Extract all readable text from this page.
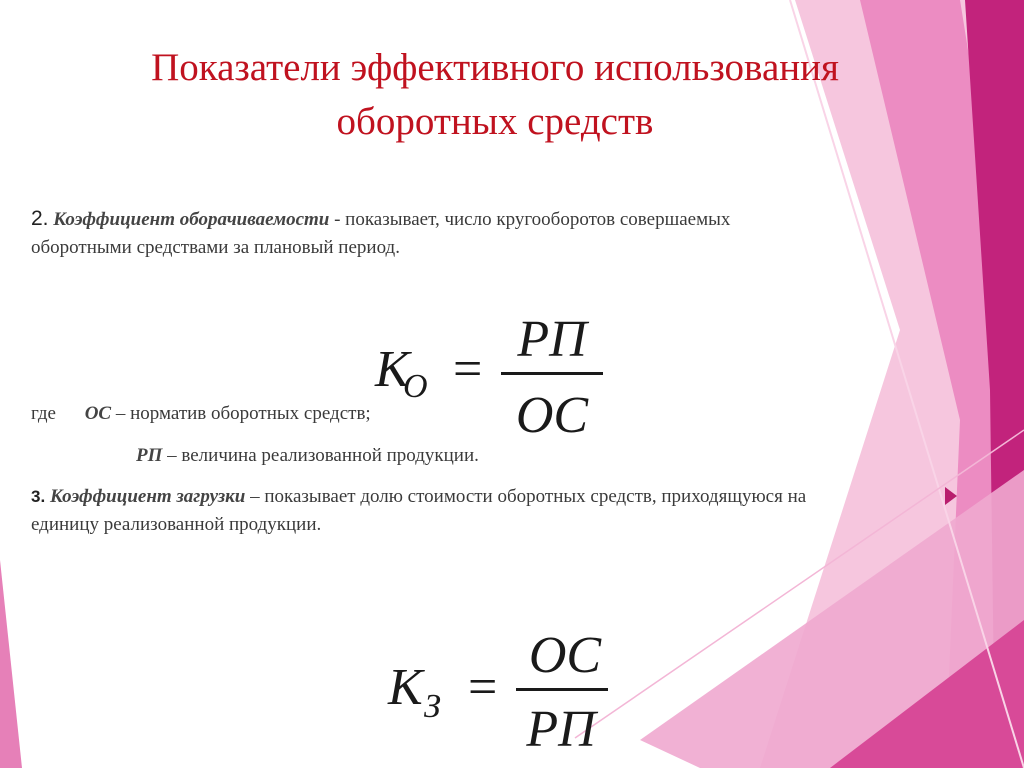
Показатели эффективного использования
оборотных средств
2. Коэффициент оборачиваемости - показывает, число кругооборотов совершаемых
оборотными средствами за плановый период.
К
О =
РП
ОС
где ОС – норматив оборотных средств;
РП – величина реализованной продукции.
3. Коэффициент загрузки – показывает долю стоимости оборотных средств, приходящуюся на
единицу реализованной продукции.
К З =
ОС
РП
